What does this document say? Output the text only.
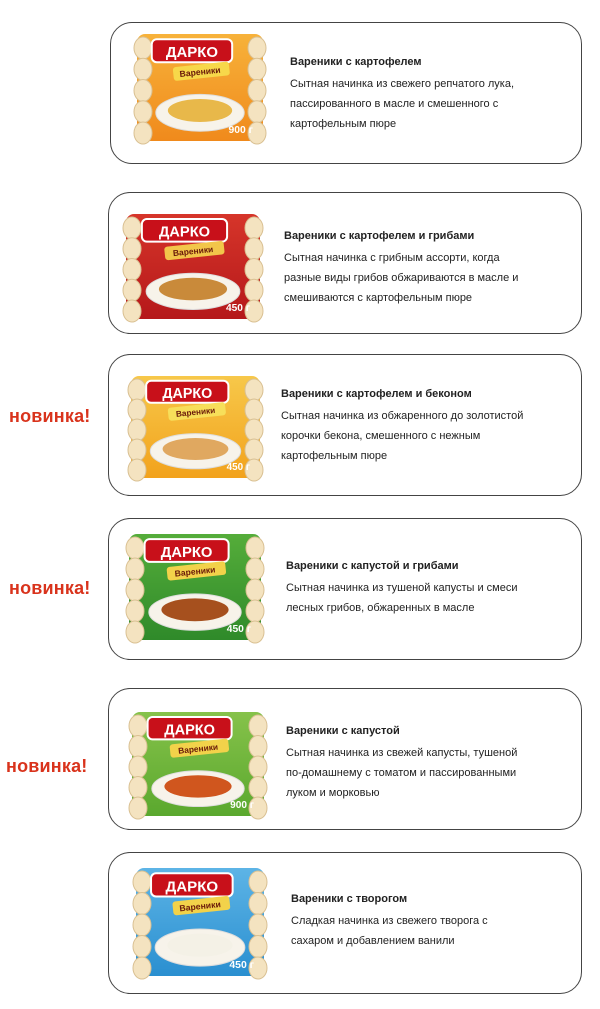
ДАРКО
Вареники
900 г

Вареники с картофелем

Сытная начинка из свежего репчатого лука,
пассированного в масле и смешенного с
картофельным пюре

ДАРКО
Вареники
450 г

Вареники с картофелем и грибами

Сытная начинка с грибным ассорти, когда
разные виды грибов обжариваются в масле и
смешиваются с картофельным пюре

новинка!
ДАРКО
Вареники
450 г

Вареники с картофелем и беконом

Сытная начинка из обжаренного до золотистой
корочки бекона, смешенного с нежным
картофельным пюре

новинка!
ДАРКО
Вареники
450 г

Вареники с капустой и грибами

Сытная начинка из тушеной капусты и смеси
лесных грибов, обжаренных в масле

новинка!
ДАРКО
Вареники
900 г

Вареники с капустой

Сытная начинка из свежей капусты, тушеной
по-домашнему с томатом и пассированными
луком и морковью

ДАРКО
Вареники
450 г

Вареники с творогом

Сладкая начинка из свежего творога с
сахаром и добавлением ванили
